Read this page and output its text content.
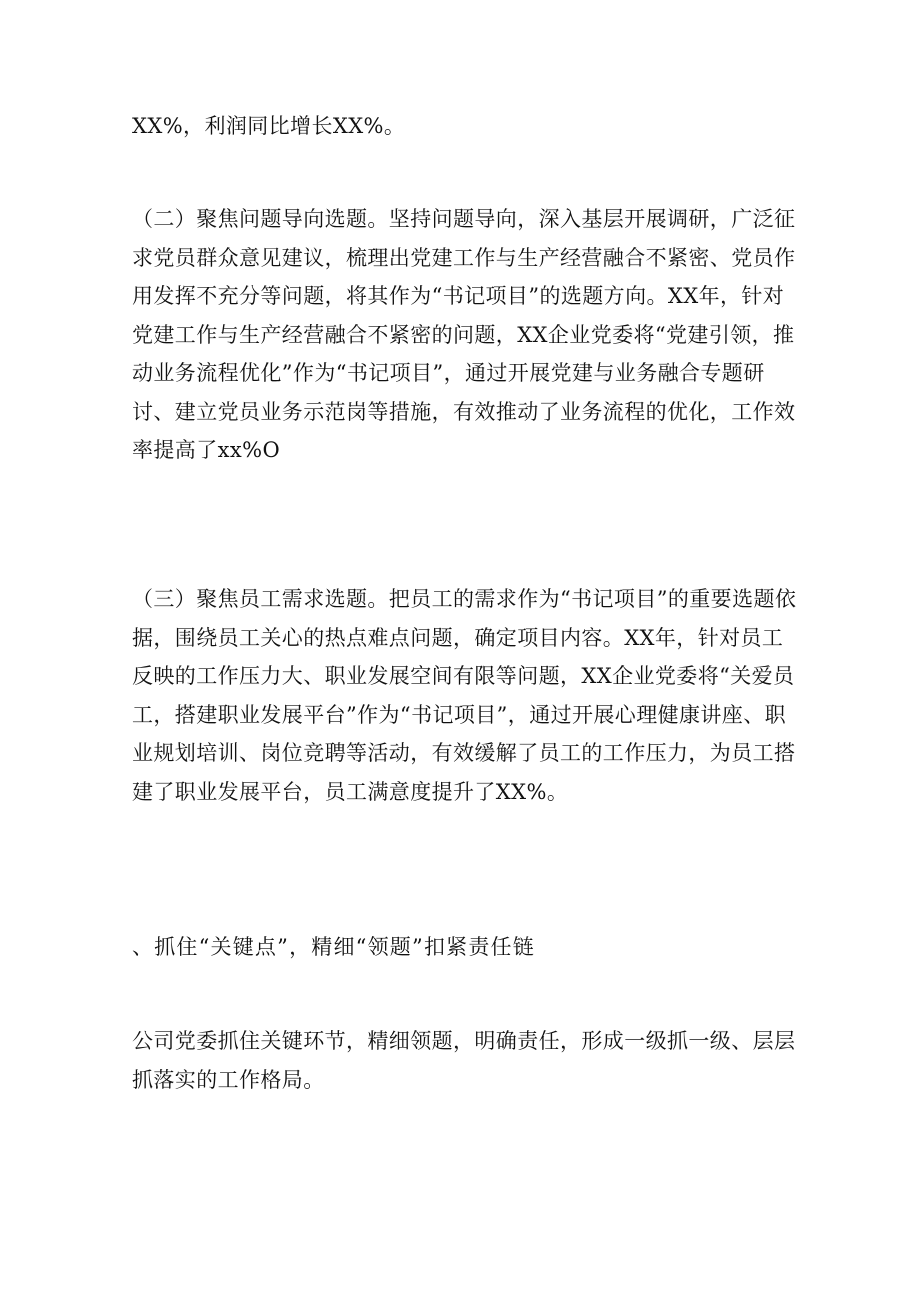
XX%，利润同比增长XX%。

（二）聚焦问题导向选题。坚持问题导向，深入基层开展调研，广泛征求党员群众意见建议，梳理出党建工作与生产经营融合不紧密、党员作用发挥不充分等问题，将其作为“书记项目”的选题方向。XX年，针对党建工作与生产经营融合不紧密的问题，XX企业党委将“党建引领，推动业务流程优化”作为“书记项目”，通过开展党建与业务融合专题研讨、建立党员业务示范岗等措施，有效推动了业务流程的优化，工作效率提高了xx%O

（三）聚焦员工需求选题。把员工的需求作为“书记项目”的重要选题依据，围绕员工关心的热点难点问题，确定项目内容。XX年，针对员工反映的工作压力大、职业发展空间有限等问题，XX企业党委将“关爱员工，搭建职业发展平台”作为“书记项目”，通过开展心理健康讲座、职业规划培训、岗位竞聘等活动，有效缓解了员工的工作压力，为员工搭建了职业发展平台，员工满意度提升了XX%。

、抓住“关键点”，精细“领题”扣紧责任链

公司党委抓住关键环节，精细领题，明确责任，形成一级抓一级、层层抓落实的工作格局。
